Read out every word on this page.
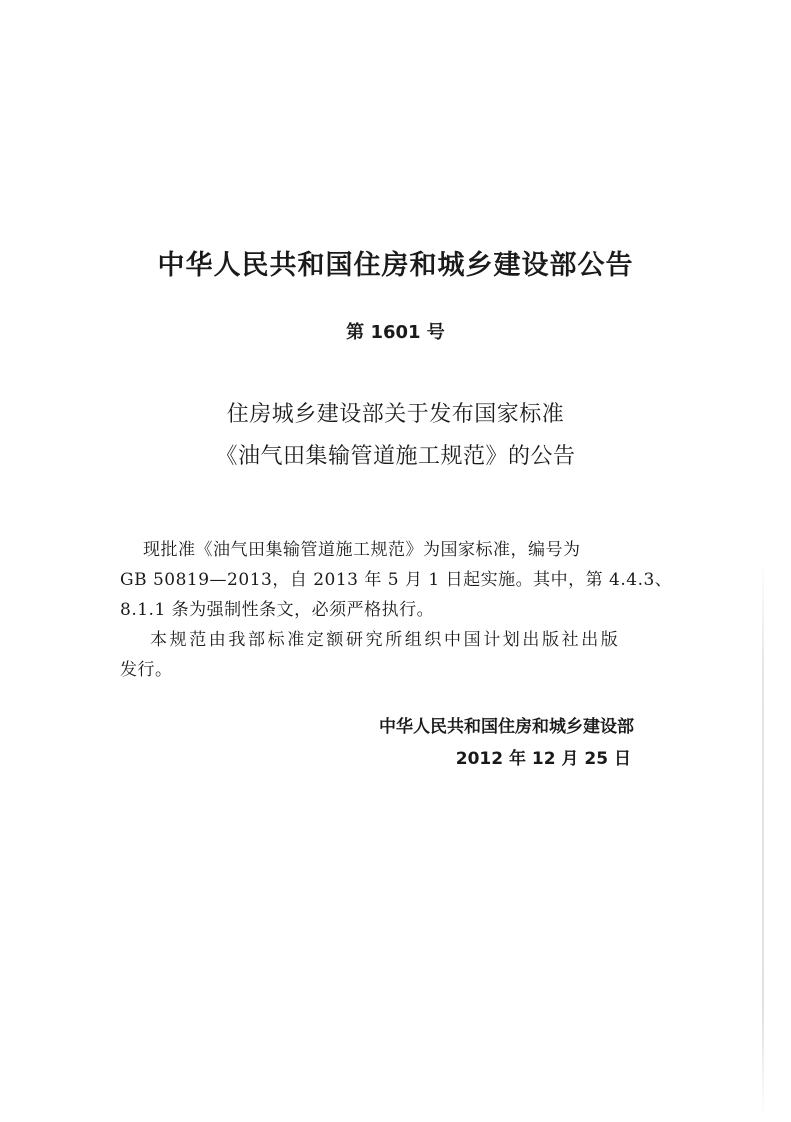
中华人民共和国住房和城乡建设部公告
第 1601 号
住房城乡建设部关于发布国家标准
《油气田集输管道施工规范》的公告
现批准《油气田集输管道施工规范》为国家标准，编号为
GB 50819—2013，自 2013 年 5 月 1 日起实施。其中，第 4.4.3、
8.1.1 条为强制性条文，必须严格执行。
本规范由我部标准定额研究所组织中国计划出版社出版
发行。
中华人民共和国住房和城乡建设部
2012 年 12 月 25 日
